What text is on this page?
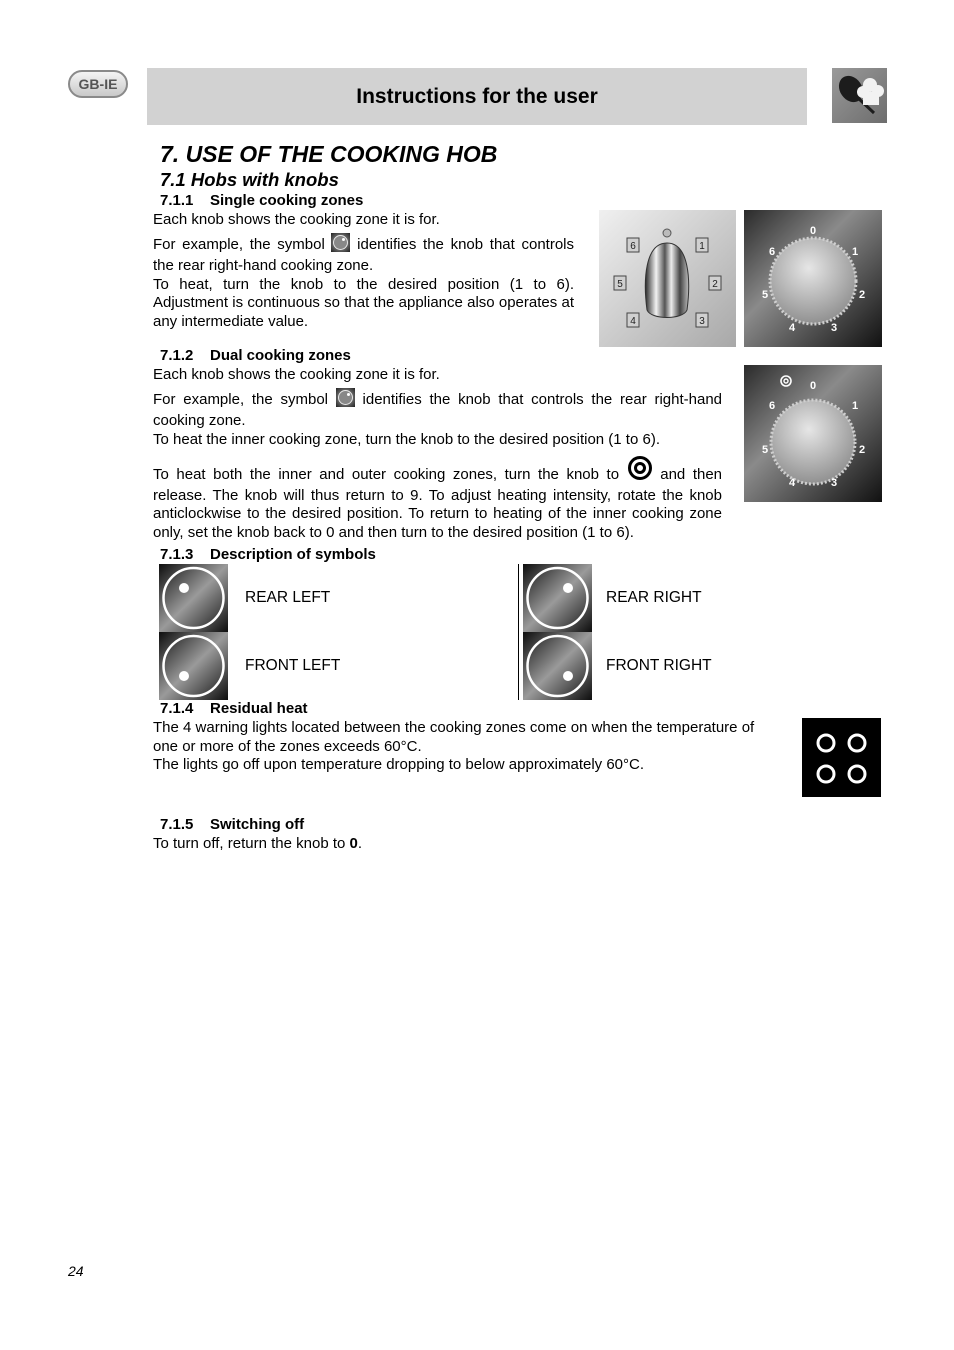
GB-IE
Instructions for the user
7. USE OF THE COOKING HOB
7.1 Hobs with knobs
7.1.1 Single cooking zones
Each knob shows the cooking zone it is for.
For example, the symbol identifies the knob that controls the rear right-hand cooking zone.
To heat, turn the knob to the desired position (1 to 6). Adjustment is continuous so that the appliance also operates at any intermediate value.
6	1
5	2
4	3
0
6	1
5	2
4	3
7.1.2 Dual cooking zones
Each knob shows the cooking zone it is for.
For example, the symbol identifies the knob that controls the rear right-hand cooking zone.
To heat the inner cooking zone, turn the knob to the desired position (1 to 6).
To heat both the inner and outer cooking zones, turn the knob to	and then release. The knob will thus return to 9. To adjust heating intensity, rotate the knob anticlockwise to the desired position. To return to heating of the inner cooking zone only, set the knob back to 0 and then turn to the desired position (1 to 6).
0
6	1
5	2
4	3
7.1.3 Description of symbols
REAR LEFT	REAR RIGHT
FRONT LEFT	FRONT RIGHT
7.1.4 Residual heat
The 4 warning lights located between the cooking zones come on when the temperature of one or more of the zones exceeds 60°C.
The lights go off upon temperature dropping to below approximately 60°C.
7.1.5 Switching off
To turn off, return the knob to 0.
24
